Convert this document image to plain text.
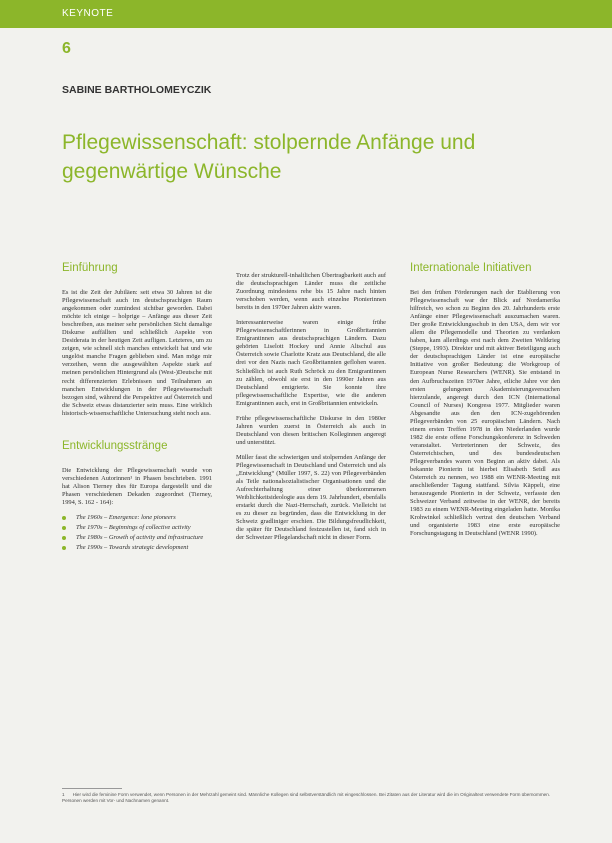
KEYNOTE
6
SABINE BARTHOLOMEYCZIK
Pflegewissenschaft: stolpernde Anfänge und gegenwärtige Wünsche
Einführung

Es ist die Zeit der Jubiläen: seit etwa 30 Jahren ist die Pflegewissenschaft auch im deutschsprachigen Raum angekommen oder zumindest sichtbar geworden. Dabei möchte ich einige – holprige – Anfänge aus dieser Zeit beschreiben, aus meiner sehr persönlichen Sicht damalige Diskurse auffällten und schließlich Aspekte von Desiderata in der heutigen Zeit aufligen. Letzteres, um zu zeigen, wie schnell sich manches entwickelt hat und wie ungelöst manche Fragen geblieben sind. Man möge mir verzeihen, wenn die ausgewählten Aspekte stark auf meinen persönlichen Hintergrund als (West-)Deutsche mit recht differenzierten Erlebnissen und Teilnahmen an manchen Entwicklungen in der Pflegewissenschaft bezogen sind, während die Perspektive auf Österreich und die Schweiz etwas distanzierter sein muss. Eine wirklich historisch-wissenschaftliche Untersuchung steht noch aus.

Entwicklungsstränge

Die Entwicklung der Pflegewissenschaft wurde von verschiedenen Autorinnen¹ in Phasen beschrieben. 1991 hat Alison Tierney dies für Europa dargestellt und die Phasen verschiedenen Dekaden zugeordnet (Tierney, 1994, S. 162 - 164):

The 1960s – Emergence: lone pioneers
The 1970s – Beginnings of collective activity
The 1980s – Growth of activity and infrastructure
The 1990s – Towards strategic development

Trotz der strukturell-inhaltlichen Übertragbarkeit auch auf die deutschsprachigen Länder muss die zeitliche Zuordnung mindestens rehe bis 15 Jahre nach hinten verschoben werden, wenn auch einzelne Pionierinnen bereits in den 1970er Jahren aktiv waren.

Interessanterweise waren einige frühe Pflegewissenschaftlerinnen in Großbritannien Emigrantinnen aus deutschsprachigen Ländern. Dazu gehörten Liselott Hockey und Annie Altschul aus Österreich sowie Charlotte Kratz aus Deutschland, die alle drei vor den Nazis nach Großbritannien geflohen waren. Schließlich ist auch Ruth Schröck zu den Emigrantinnen zu zählen, obwohl sie erst in den 1990er Jahren aus Deutschland emigrierte. Sie konnte ihre pflegewissenschaftliche Expertise, wie die anderen Emigrantinnen auch, erst in Großbritannien entwickeln.

Frühe pflegewissenschaftliche Diskurse in den 1980er Jahren wurden zuerst in Österreich als auch in Deutschland von diesen britischen Kolleginnen angeregt und unterstützt.

Müller fasst die schwierigen und stolpernden Anfänge der Pflegewissenschaft in Deutschland und Österreich und als „Entwicklung“ (Müller 1997, S. 22) von Pflegeverbänden als Teile nationalsozialistischer Organisationen und die Aufrechterhaltung einer überkommenen Weiblichkeitsideologie aus dem 19. Jahrhundert, ebenfalls erstarkt durch die Nazi-Herrschaft, zurück. Vielleicht ist es zu dieser zu begründen, dass die Entwicklung in der Schweiz gradliniger erschien. Die Bildungsfreudlichkeit, die später für Deutschland festzustellen ist, fand sich in der Schweizer Pflegelandschaft nicht in dieser Form.

Internationale Initiativen

Bei den frühen Förderungen nach der Etablierung von Pflegewissenschaft war der Blick auf Nordamerika hilfreich, wo schon zu Beginn des 20. Jahrhunderts erste Anfänge einer Pflegewissenschaft auszumachen waren. Der große Entwicklungsschub in den USA, dem wir vor allem die Pflegemodelle und Theorien zu verdanken haben, kam allerdings erst nach dem Zweiten Weltkrieg (Steppe, 1993). Direkter und mit aktiver Beteiligung auch der deutschsprachigen Länder ist eine europäische Initiative von großer Bedeutung: die Workgroup of European Nurse Researchers (WENR). Sie entstand in den Aufbruchszeiten 1970er Jahre, etliche Jahre vor den ersten gelungenen Akademisierungsversuchen hierzulande, angeregt durch den ICN (International Council of Nurses) Kongress 1977. Mitglieder waren Abgesandte aus den den ICN-zugehörenden Pflegeverbänden von 25 europäischen Ländern. Nach einem ersten Treffen 1978 in den Niederlanden wurde 1982 die erste offene Forschungskonferenz in Schweden veranstaltet. Vertreterinnen der Schweiz, des Österreichischen, und des bundesdeutschen Pflegeverbandes waren von Beginn an aktiv dabei. Als bekannte Pionierin ist hierbei Elisabeth Seidl aus Österreich zu nennen, wo 1988 ein WENR-Meeting mit anschließender Tagung stattfand. Silvia Käppeli, eine herausragende Pionierin in der Schweiz, verfasste den Schweizer Verband zeitweise in der WENR, der bereits 1983 zu einem WENR-Meeting eingeladen hatte. Monika Krohwinkel schließlich vertrat den deutschen Verband und organisierte 1983 eine erste europäische Forschungstagung in Deutschland (WENR 1990).

1 Hier wird die feminine Form verwendet, wenn Personen in der Mehrzahl gemeint sind. Männliche Kollegen sind selbstverständlich mit eingeschlossen. Bei Zitaten aus der Literatur wird die im Originaltext verwendete Form übernommen. Personen werden mit Vor- und Nachnamen genannt.
